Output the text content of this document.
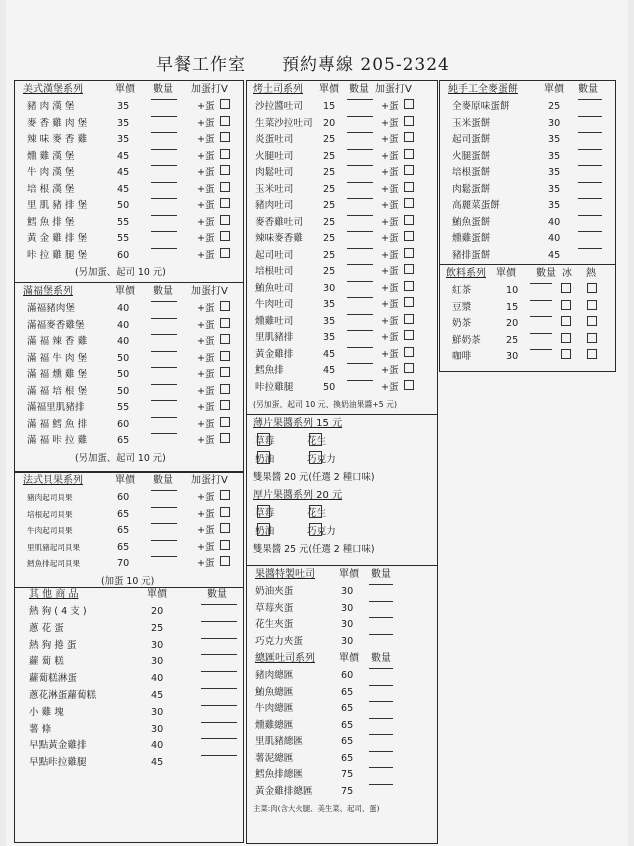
早餐工作室　　預約專線 205-2324
美式漢堡系列	單價 數量 加蛋打V
豬 肉 漢 堡	35	+蛋
麥 香 雞 肉 堡	35	+蛋
辣 味 麥 香 雞	35	+蛋
燻 雞 漢 堡	45	+蛋
牛 肉 漢 堡	45	+蛋
培 根 漢 堡	45	+蛋
里 肌 豬 排 堡	50	+蛋
鱈 魚 排 堡	55	+蛋
黃 金 雞 排 堡	55	+蛋
咔 拉 雞 腿 堡	60	+蛋
(另加蛋、起司 10 元)
滿福堡系列	單價 數量 加蛋打V
滿福豬肉堡	40	+蛋
滿福麥香雞堡	40	+蛋
滿 福 辣 香 雞	40	+蛋
滿 福 牛 肉 堡	50	+蛋
滿 福 燻 雞 堡	50	+蛋
滿 福 培 根 堡	50	+蛋
滿福里肌豬排	55	+蛋
滿 福 鱈 魚 排	60	+蛋
滿 福 咔 拉 雞	65	+蛋
(另加蛋、起司 10 元)
法式貝果系列	單價 數量 加蛋打V
豬肉起司貝果	60	+蛋
培根起司貝果	65	+蛋
牛肉起司貝果	65	+蛋
里肌豬起司貝果	65	+蛋
鱈魚排起司貝果	70	+蛋
(加蛋 10 元)
其 他 商 品	單價	數量
熱 狗 ( 4 支 )	20
蔥 花 蛋	25
熱 狗 捲 蛋	30
蘿 蔔 糕	30
蘿蔔糕淋蛋	40
蔥花淋蛋蘿蔔糕	45
小 雞 塊	30
薯 條	30
早點黃金雞排	40
早點咔拉雞腿	45
烤土司系列 單價 數量 加蛋打V
沙拉醬吐司 15	+蛋
生菜沙拉吐司 20	+蛋
炎蛋吐司	25	+蛋
火腿吐司	25	+蛋
肉鬆吐司	25	+蛋
玉米吐司	25	+蛋
豬肉吐司	25	+蛋
麥香雞吐司 25	+蛋
辣味麥香雞 25	+蛋
起司吐司	25	+蛋
培根吐司	25	+蛋
鮪魚吐司	30	+蛋
牛肉吐司	35	+蛋
燻雞吐司	35	+蛋
里肌豬排	35	+蛋
黃金雞排	45	+蛋
鱈魚排	45	+蛋
咔拉雞腿	50	+蛋
(另加蛋、起司 10 元、換奶油果醬+5 元)
薄片果醬系列 15 元
草莓	花生
奶油	巧克力
雙果醬 20 元(任選 2 種口味)
厚片果醬系列 20 元
草莓	花生
奶油	巧克力
雙果醬 25 元(任選 2 種口味)
果醬特製吐司 單價 數量
奶油夾蛋	30
草莓夾蛋	30
花生夾蛋	30
巧克力夾蛋	30
總匯吐司系列 單價 數量
豬肉總匯	60
鮪魚總匯	65
牛肉總匯	65
燻雞總匯	65
里肌豬總匯	65
薯泥總匯	65
鱈魚排總匯	75
黃金雞排總匯	75
主菜:肉(含大火腿、美生菜、起司、蛋)
純手工全麥蛋餅	單價 數量
全麥原味蛋餅	25
玉米蛋餅	30
起司蛋餅	35
火腿蛋餅	35
培根蛋餅	35
肉鬆蛋餅	35
高麗菜蛋餅	35
鮪魚蛋餅	40
燻雞蛋餅	40
豬排蛋餅	45
飲料系列 單價 數量 冰 熱
紅茶	10
豆漿	15
奶茶	20
鮮奶茶	25
咖啡	30
